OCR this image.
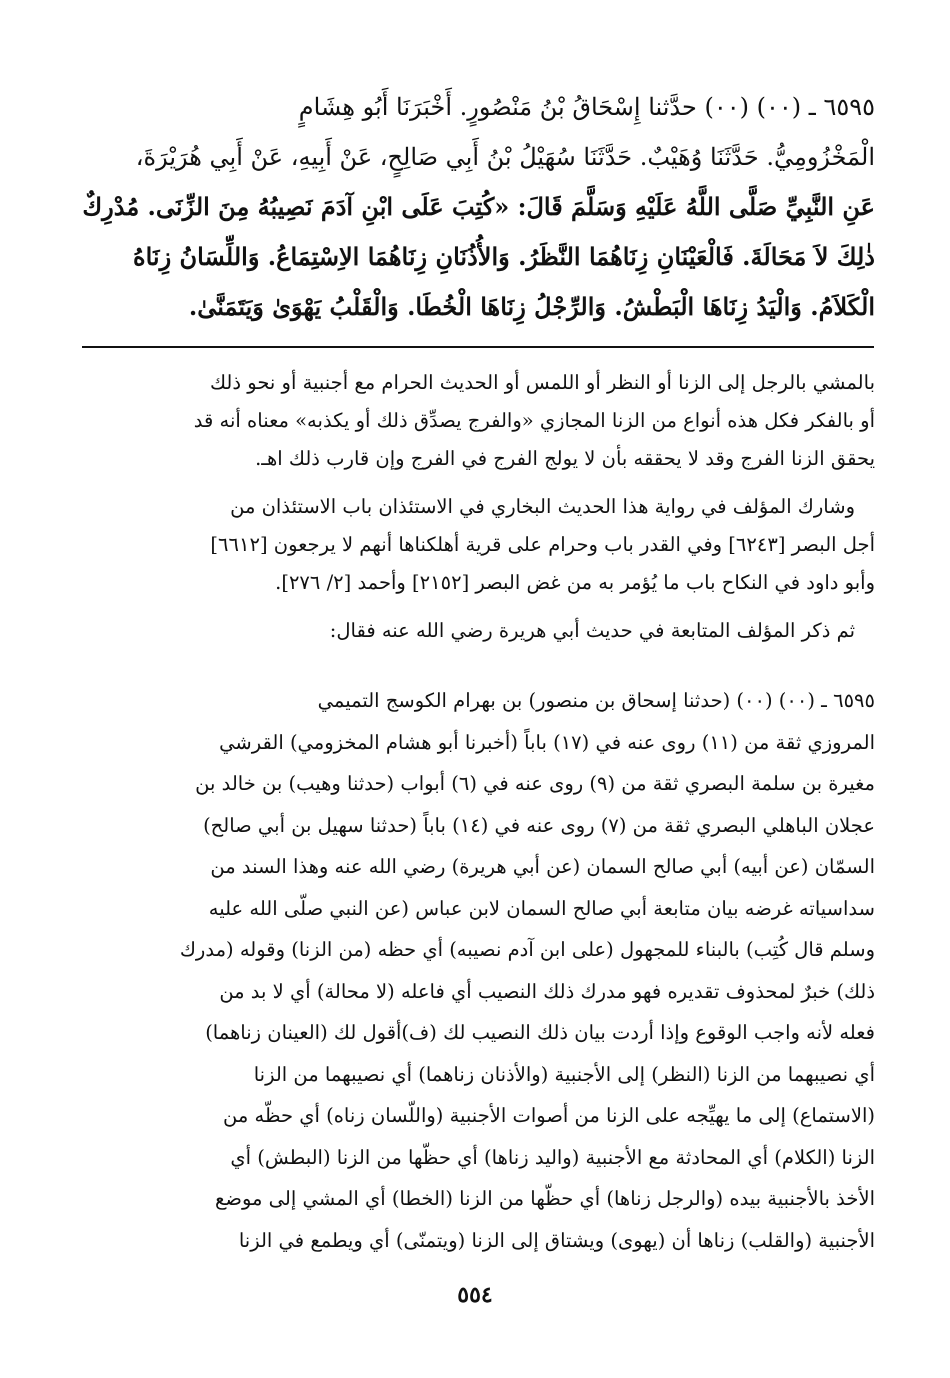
٦٥٩٥ ـ (٠٠) (٠٠) حدَّثنا إِسْحَاقُ بْنُ مَنْصُورٍ. أَخْبَرَنَا أَبُو هِشَامٍ

الْمَخْزُومِيُّ. حَدَّثَنَا وُهَيْبٌ. حَدَّثَنَا سُهَيْلُ بْنُ أَبِي صَالِحٍ، عَنْ أَبِيهِ، عَنْ أَبِي هُرَيْرَةَ،

عَنِ النَّبِيِّ صَلَّى اللَّهُ عَلَيْهِ وَسَلَّمَ قَالَ: «كُتِبَ عَلَى ابْنِ آدَمَ نَصِيبُهُ مِنَ الزِّنَى. مُدْرِكٌ

ذٰلِكَ لاَ مَحَالَةَ. فَالْعَيْنَانِ زِنَاهُمَا النَّظَرُ. وَالأُذُنَانِ زِنَاهُمَا الاِسْتِمَاعُ. وَاللِّسَانُ زِنَاهُ

الْكَلاَمُ. وَالْيَدُ زِنَاهَا الْبَطْشُ. وَالرِّجْلُ زِنَاهَا الْخُطَا. وَالْقَلْبُ يَهْوَىٰ وَيَتَمَنَّىٰ.

بالمشي بالرجل إلى الزنا أو النظر أو اللمس أو الحديث الحرام مع أجنبية أو نحو ذلك

أو بالفكر فكل هذه أنواع من الزنا المجازي «والفرج يصدِّق ذلك أو يكذبه» معناه أنه قد

يحقق الزنا الفرج وقد لا يحققه بأن لا يولج الفرج في الفرج وإن قارب ذلك اهـ.

وشارك المؤلف في رواية هذا الحديث البخاري في الاستئذان باب الاستئذان من

أجل البصر [٦٢٤٣] وفي القدر باب وحرام على قرية أهلكناها أنهم لا يرجعون [٦٦١٢]

وأبو داود في النكاح باب ما يُؤمر به من غض البصر [٢١٥٢] وأحمد [٢/ ٢٧٦].

ثم ذكر المؤلف المتابعة في حديث أبي هريرة رضي الله عنه فقال:

٦٥٩٥ ـ (٠٠) (٠٠) (حدثنا إسحاق بن منصور) بن بهرام الكوسج التميمي

المروزي ثقة من (١١) روى عنه في (١٧) باباً (أخبرنا أبو هشام المخزومي) القرشي

مغيرة بن سلمة البصري ثقة من (٩) روى عنه في (٦) أبواب (حدثنا وهيب) بن خالد بن

عجلان الباهلي البصري ثقة من (٧) روى عنه في (١٤) باباً (حدثنا سهيل بن أبي صالح)

السمّان (عن أبيه) أبي صالح السمان (عن أبي هريرة) رضي الله عنه وهذا السند من

سداسياته غرضه بيان متابعة أبي صالح السمان لابن عباس (عن النبي صلّى الله عليه

وسلم قال كُتِب) بالبناء للمجهول (على ابن آدم نصيبه) أي حظه (من الزنا) وقوله (مدرك

ذلك) خبرٌ لمحذوف تقديره فهو مدرك ذلك النصيب أي فاعله (لا محالة) أي لا بد من

فعله لأنه واجب الوقوع وإذا أردت بيان ذلك النصيب لك (ف)أقول لك (العينان زناهما)

أي نصيبهما من الزنا (النظر) إلى الأجنبية (والأذنان زناهما) أي نصيبهما من الزنا

(الاستماع) إلى ما يهيِّجه على الزنا من أصوات الأجنبية (واللّسان زناه) أي حظّه من

الزنا (الكلام) أي المحادثة مع الأجنبية (واليد زناها) أي حظّها من الزنا (البطش) أي

الأخذ بالأجنبية بيده (والرجل زناها) أي حظّها من الزنا (الخطا) أي المشي إلى موضع

الأجنبية (والقلب) زناها أن (يهوى) ويشتاق إلى الزنا (ويتمنّى) أي ويطمع في الزنا

٥٥٤
